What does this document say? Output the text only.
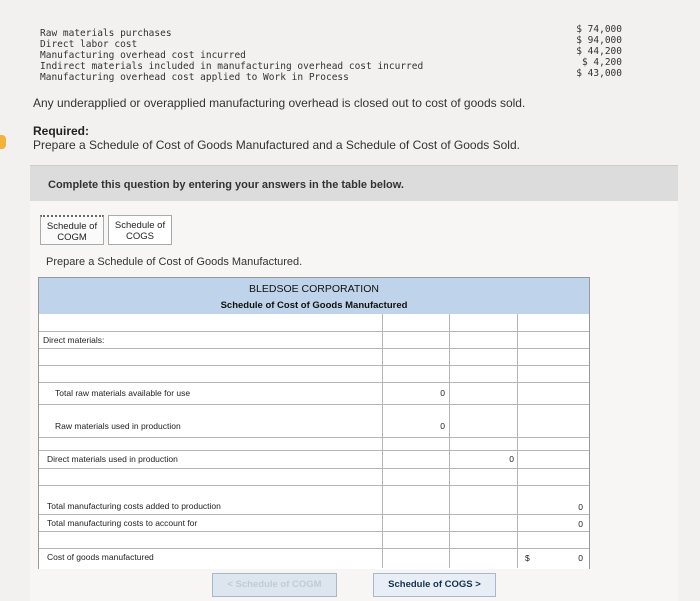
Raw materials purchases
Direct labor cost
Manufacturing overhead cost incurred
Indirect materials included in manufacturing overhead cost incurred
Manufacturing overhead cost applied to Work in Process
$ 74,000
$ 94,000
$ 44,200
$ 4,200
$ 43,000
Any underapplied or overapplied manufacturing overhead is closed out to cost of goods sold.
Required:
Prepare a Schedule of Cost of Goods Manufactured and a Schedule of Cost of Goods Sold.
Complete this question by entering your answers in the table below.
Schedule of
COGM
Schedule of
COGS
Prepare a Schedule of Cost of Goods Manufactured.
BLEDSOE CORPORATION
Schedule of Cost of Goods Manufactured
Direct materials:
Total raw materials available for use
Raw materials used in production
Direct materials used in production
Total manufacturing costs added to production
Total manufacturing costs to account for
Cost of goods manufactured
0
0
0
0
0
$	0
< Schedule of COGM	Schedule of COGS >
